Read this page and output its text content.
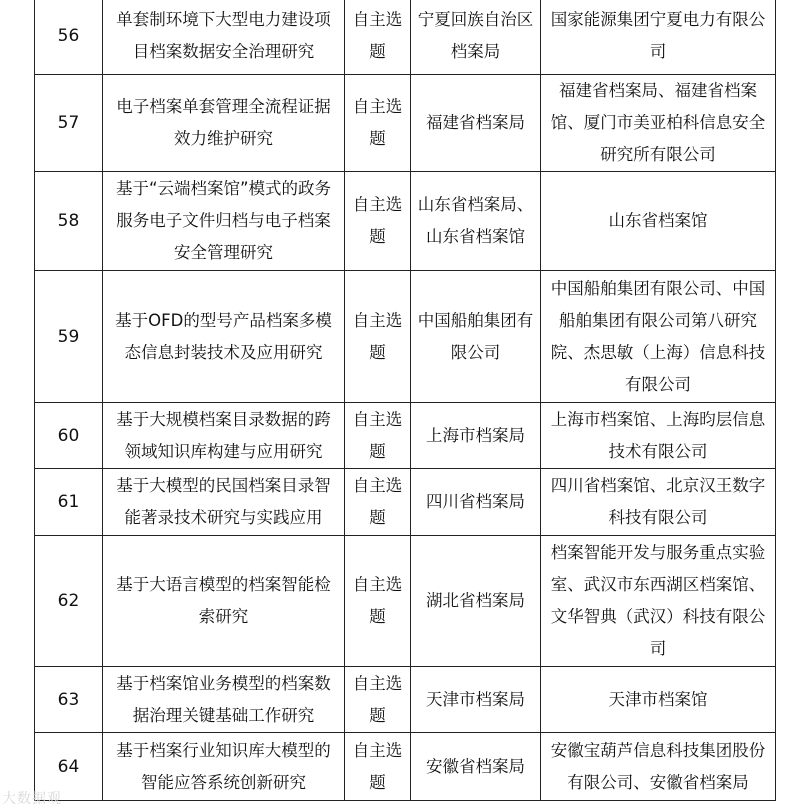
56	单套制环境下大型电力建设项目档案数据安全治理研究	自主选题	宁夏回族自治区档案局	国家能源集团宁夏电力有限公司
57	电子档案单套管理全流程证据效力维护研究	自主选题	福建省档案局	福建省档案局、福建省档案馆、厦门市美亚柏科信息安全研究所有限公司
58	基于“云端档案馆”模式的政务服务电子文件归档与电子档案安全管理研究	自主选题	山东省档案局、山东省档案馆	山东省档案馆
59	基于OFD的型号产品档案多模态信息封装技术及应用研究	自主选题	中国船舶集团有限公司	中国船舶集团有限公司、中国船舶集团有限公司第八研究院、杰思敏（上海）信息科技有限公司
60	基于大规模档案目录数据的跨领域知识库构建与应用研究	自主选题	上海市档案局	上海市档案馆、上海昀层信息技术有限公司
61	基于大模型的民国档案目录智能著录技术研究与实践应用	自主选题	四川省档案局	四川省档案馆、北京汉王数字科技有限公司
62	基于大语言模型的档案智能检索研究	自主选题	湖北省档案局	档案智能开发与服务重点实验室、武汉市东西湖区档案馆、文华智典（武汉）科技有限公司
63	基于档案馆业务模型的档案数据治理关键基础工作研究	自主选题	天津市档案局	天津市档案馆
64	基于档案行业知识库大模型的智能应答系统创新研究	自主选题	安徽省档案局	安徽宝葫芦信息科技集团股份有限公司、安徽省档案局
大数据观
